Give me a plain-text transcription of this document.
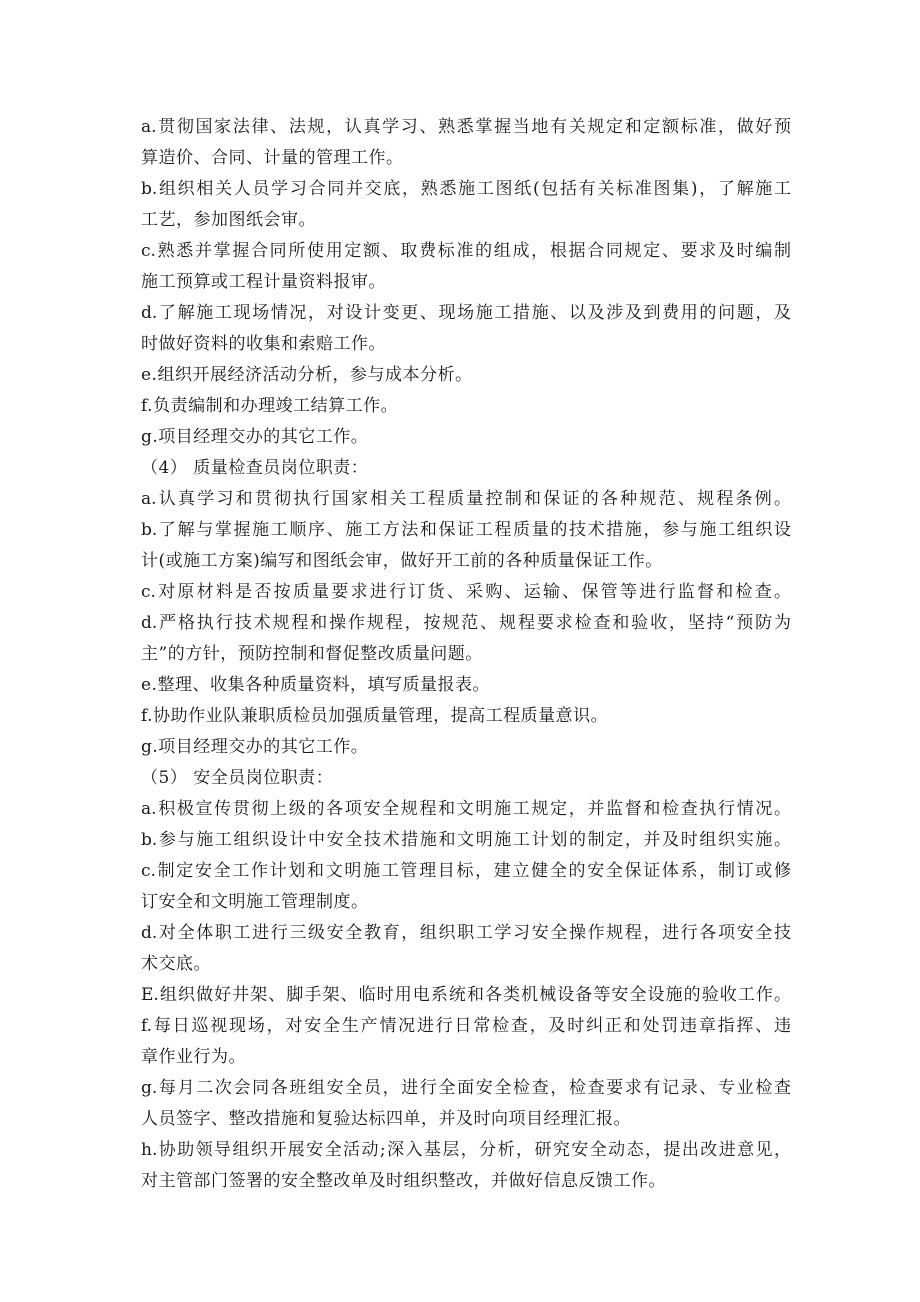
a.贯彻国家法律、法规，认真学习、熟悉掌握当地有关规定和定额标准，做好预
算造价、合同、计量的管理工作。
b.组织相关人员学习合同并交底，熟悉施工图纸(包括有关标准图集)，了解施工
工艺，参加图纸会审。
c.熟悉并掌握合同所使用定额、取费标准的组成，根据合同规定、要求及时编制
施工预算或工程计量资料报审。
d.了解施工现场情况，对设计变更、现场施工措施、以及涉及到费用的问题，及
时做好资料的收集和索赔工作。
e.组织开展经济活动分析，参与成本分析。
f.负责编制和办理竣工结算工作。
g.项目经理交办的其它工作。
（4） 质量检查员岗位职责：
a.认真学习和贯彻执行国家相关工程质量控制和保证的各种规范、规程条例。
b.了解与掌握施工顺序、施工方法和保证工程质量的技术措施，参与施工组织设
计(或施工方案)编写和图纸会审，做好开工前的各种质量保证工作。
c.对原材料是否按质量要求进行订货、采购、运输、保管等进行监督和检查。
d.严格执行技术规程和操作规程，按规范、规程要求检查和验收，坚持“预防为
主”的方针，预防控制和督促整改质量问题。
e.整理、收集各种质量资料，填写质量报表。
f.协助作业队兼职质检员加强质量管理，提高工程质量意识。
g.项目经理交办的其它工作。
（5） 安全员岗位职责：
a.积极宣传贯彻上级的各项安全规程和文明施工规定，并监督和检查执行情况。
b.参与施工组织设计中安全技术措施和文明施工计划的制定，并及时组织实施。
c.制定安全工作计划和文明施工管理目标，建立健全的安全保证体系，制订或修
订安全和文明施工管理制度。
d.对全体职工进行三级安全教育，组织职工学习安全操作规程，进行各项安全技
术交底。
E.组织做好井架、脚手架、临时用电系统和各类机械设备等安全设施的验收工作。
f.每日巡视现场，对安全生产情况进行日常检查，及时纠正和处罚违章指挥、违
章作业行为。
g.每月二次会同各班组安全员，进行全面安全检查，检查要求有记录、专业检查
人员签字、整改措施和复验达标四单，并及时向项目经理汇报。
h.协助领导组织开展安全活动;深入基层，分析，研究安全动态，提出改进意见，
对主管部门签署的安全整改单及时组织整改，并做好信息反馈工作。
